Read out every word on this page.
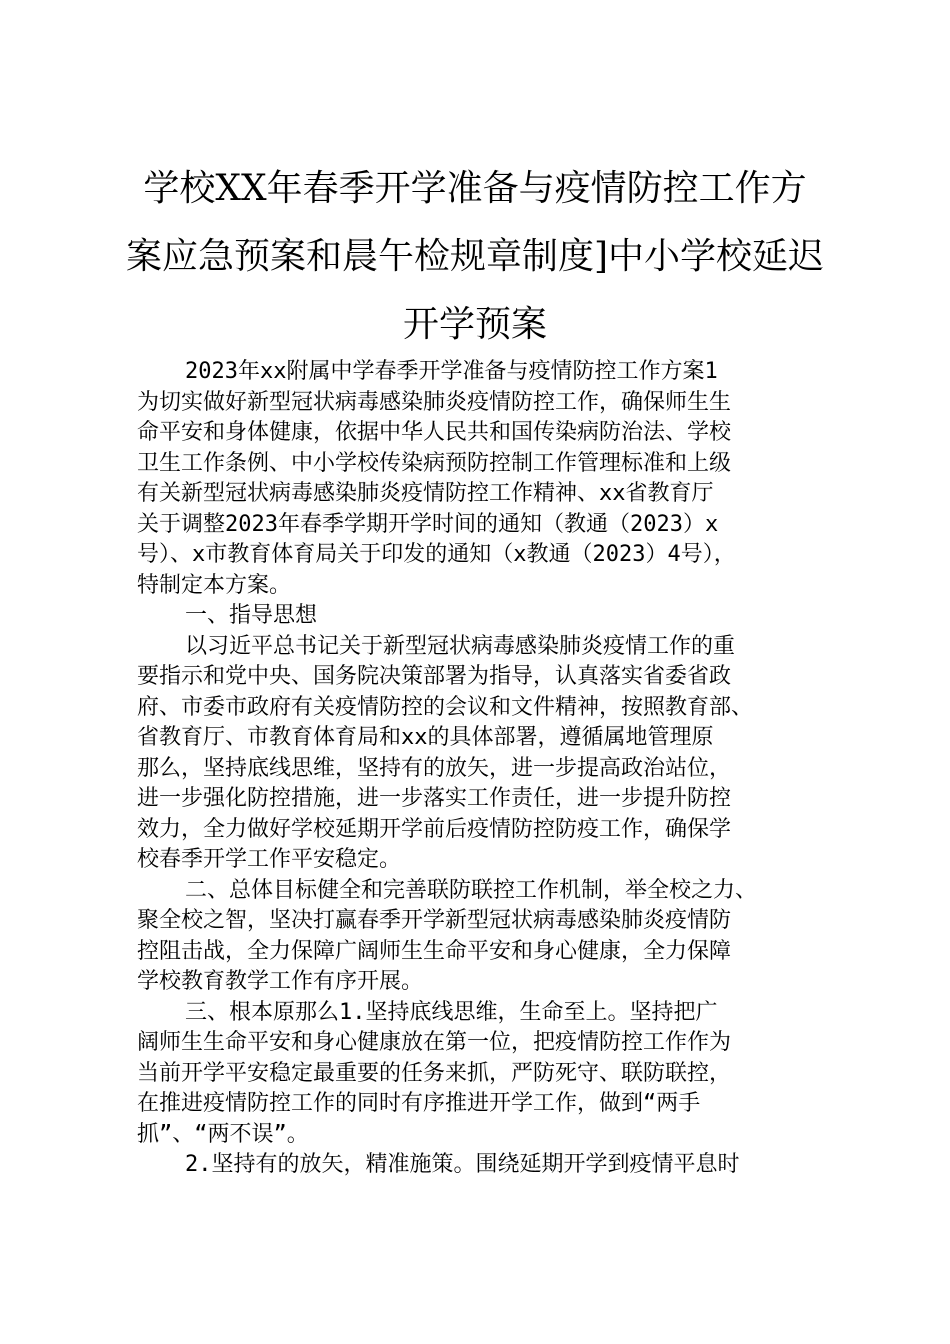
学校XX年春季开学准备与疫情防控工作方
案应急预案和晨午检规章制度]中小学校延迟
开学预案
2023年xx附属中学春季开学准备与疫情防控工作方案1
为切实做好新型冠状病毒感染肺炎疫情防控工作，确保师生生
命平安和身体健康，依据中华人民共和国传染病防治法、学校
卫生工作条例、中小学校传染病预防控制工作管理标准和上级
有关新型冠状病毒感染肺炎疫情防控工作精神、xx省教育厅
关于调整2023年春季学期开学时间的通知（教通（2023）x
号）、x市教育体育局关于印发的通知（x教通（2023）4号），
特制定本方案。
一、指导思想
以习近平总书记关于新型冠状病毒感染肺炎疫情工作的重
要指示和党中央、国务院决策部署为指导，认真落实省委省政
府、市委市政府有关疫情防控的会议和文件精神，按照教育部、
省教育厅、市教育体育局和xx的具体部署，遵循属地管理原
那么，坚持底线思维，坚持有的放矢，进一步提高政治站位，
进一步强化防控措施，进一步落实工作责任，进一步提升防控
效力，全力做好学校延期开学前后疫情防控防疫工作，确保学
校春季开学工作平安稳定。
二、总体目标健全和完善联防联控工作机制，举全校之力、
聚全校之智，坚决打赢春季开学新型冠状病毒感染肺炎疫情防
控阻击战，全力保障广阔师生生命平安和身心健康，全力保障
学校教育教学工作有序开展。
三、根本原那么1.坚持底线思维，生命至上。坚持把广
阔师生生命平安和身心健康放在第一位，把疫情防控工作作为
当前开学平安稳定最重要的任务来抓，严防死守、联防联控，
在推进疫情防控工作的同时有序推进开学工作，做到“两手
抓”、“两不误”。
2.坚持有的放矢，精准施策。围绕延期开学到疫情平息时
